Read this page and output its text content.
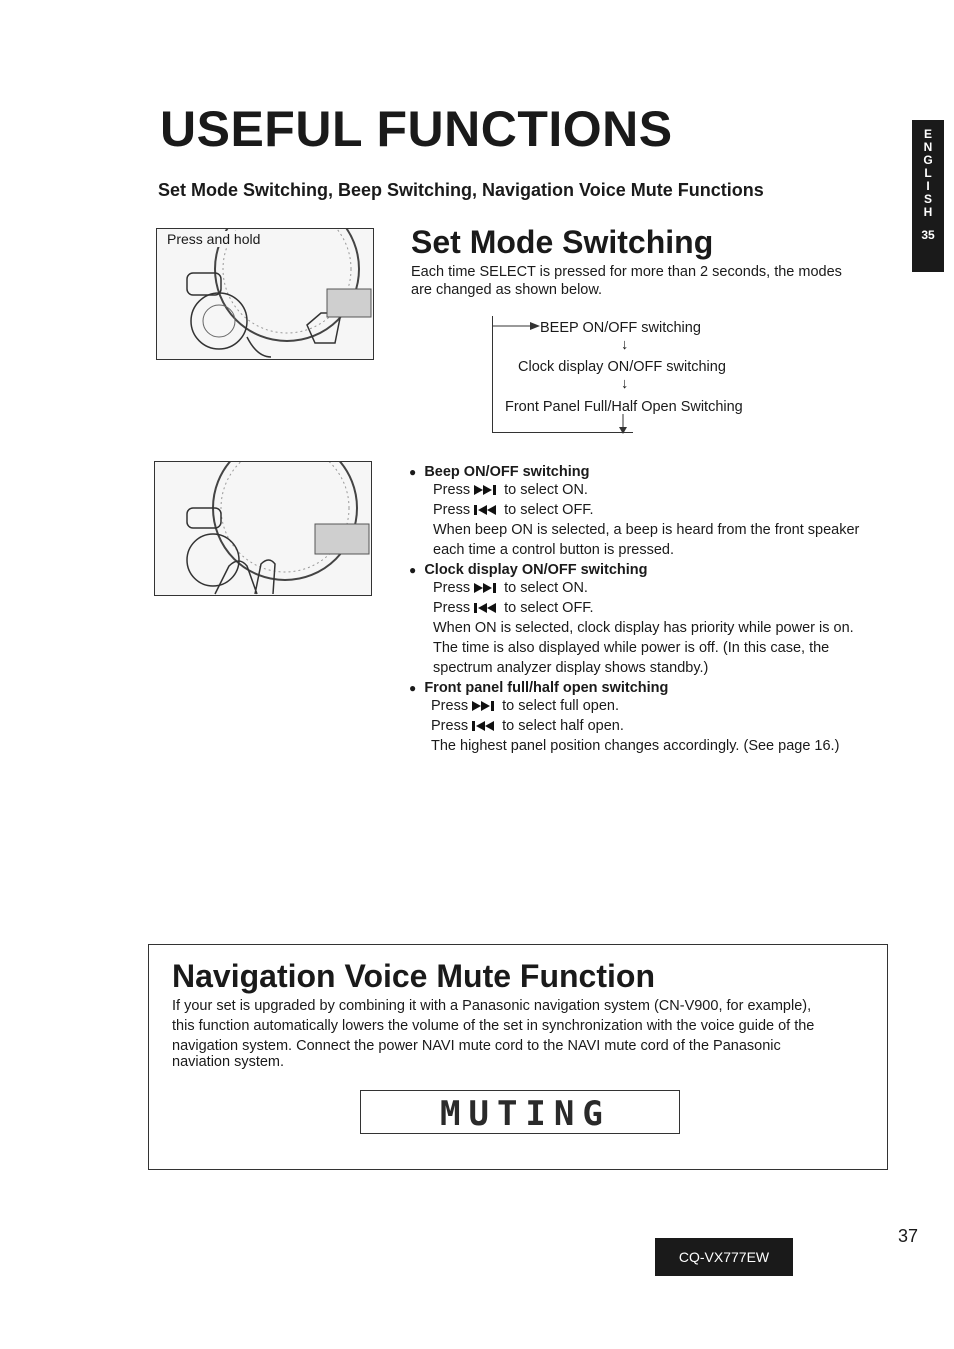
USEFUL FUNCTIONS
Set Mode Switching, Beep Switching, Navigation Voice Mute Functions
E
N
G
L
I
S
H
35
Press and hold	Set Mode Switching
Each time SELECT is pressed for more than 2 seconds, the modes
are changed as shown below.
BEEP ON/OFF switching
↓
Clock display ON/OFF switching
↓
Front Panel Full/Half Open Switching
● Beep ON/OFF switching
Press to select ON.
Press to select OFF.
When beep ON is selected, a beep is heard from the front speaker
each time a control button is pressed.
● Clock display ON/OFF switching
Press to select ON.
Press to select OFF.
When ON is selected, clock display has priority while power is on.
The time is also displayed while power is off. (In this case, the
spectrum analyzer display shows standby.)
● Front panel full/half open switching
Press to select full open.
Press to select half open.
The highest panel position changes accordingly. (See page 16.)
Navigation Voice Mute Function
If your set is upgraded by combining it with a Panasonic navigation system (CN-V900, for example),
this function automatically lowers the volume of the set in synchronization with the voice guide of the
navigation system. Connect the power NAVI mute cord to the NAVI mute cord of the Panasonic
naviation system.
MUTING
CQ-VX777EW
37
